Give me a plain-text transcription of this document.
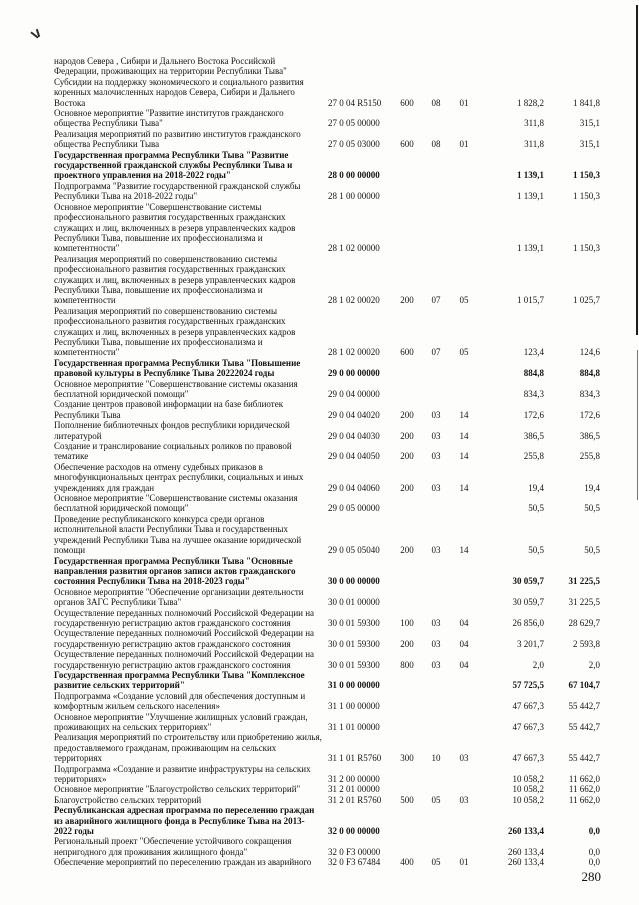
народов Севера , Сибири и Дальнего Востока Российской Федерации, проживающих на территории Республики Тыва"
Субсидии на поддержку экономического и социального развития коренных малочисленных народов Севера, Сибири и Дальнего Востока	27 0 04 R5150	600	08	01	1 828,2	1 841,8
Основное мероприятие "Развитие институтов гражданского общества Республики Тыва"	27 0 05 00000	311,8	315,1
Реализация мероприятий по развитию институтов гражданского общества Республики Тыва	27 0 05 03000	600	08	01	311,8	315,1
Государственная программа Республики Тыва "Развитие государственной гражданской службы Республики Тыва и проектного управления на 2018-2022 годы"	28 0 00 00000	1 139,1	1 150,3
Подпрограмма "Развитие государственной гражданской службы Республики Тыва на 2018-2022 годы"	28 1 00 00000	1 139,1	1 150,3
Основное мероприятие "Совершенствование системы профессионального развития государственных гражданских служащих и лиц, включенных в резерв управленческих кадров Республики Тыва, повышение их профессионализма и компетентности"	28 1 02 00000	1 139,1	1 150,3
Реализация мероприятий по совершенствованию системы профессионального развития государственных гражданских служащих и лиц, включенных в резерв управленческих кадров Республики Тыва, повышение их профессионализма и компетентности	28 1 02 00020	200	07	05	1 015,7	1 025,7
Реализация мероприятий по совершенствованию системы профессионального развития государственных гражданских служащих и лиц, включенных в резерв управленческих кадров Республики Тыва, повышение их профессионализма и компетентности"	28 1 02 00020	600	07	05	123,4	124,6
Государственная программа Республики Тыва "Повышение правовой культуры в Республике Тыва 20222024 годы	29 0 00 00000	884,8	884,8
Основное мероприятие "Совершенствование системы оказания бесплатной юридической помощи"	29 0 04 00000	834,3	834,3
Создание центров правовой информации на базе библиотек Республики Тыва	29 0 04 04020	200	03	14	172,6	172,6
Пополнение библиотечных фондов республики юридической литературой	29 0 04 04030	200	03	14	386,5	386,5
Создание и транслирование социальных роликов по правовой тематике	29 0 04 04050	200	03	14	255,8	255,8
Обеспечение расходов на отмену судебных приказов в многофункциональных центрах республики, социальных и иных учреждениях для граждан	29 0 04 04060	200	03	14	19,4	19,4
Основное мероприятие "Совершенствование системы оказания бесплатной юридической помощи"	29 0 05 00000	50,5	50,5
Проведение республиканского конкурса среди органов исполнительной власти Республики Тыва и государственных учреждений Республики Тыва на лучшее оказание юридической помощи	29 0 05 05040	200	03	14	50,5	50,5
Государственная программа Республики Тыва "Основные направления развития органов записи актов гражданского состояния Республики Тыва на 2018-2023 годы"	30 0 00 00000	30 059,7	31 225,5
Основное мероприятие "Обеспечение организации деятельности органов ЗАГС Республики Тыва"	30 0 01 00000	30 059,7	31 225,5
Осуществление переданных полномочий Российской Федерации на государственную регистрацию актов гражданского состояния	30 0 01 59300	100	03	04	26 856,0	28 629,7
Осуществление переданных полномочий Российской Федерации на государственную регистрацию актов гражданского состояния	30 0 01 59300	200	03	04	3 201,7	2 593,8
Осуществление переданных полномочий Российской Федерации на государственную регистрацию актов гражданского состояния	30 0 01 59300	800	03	04	2,0	2,0
Государственная программа Республики Тыва "Комплексное развитие сельских территорий"	31 0 00 00000	57 725,5	67 104,7
Подпрограмма «Создание условий для обеспечения доступным и комфортным жильем сельского населения»	31 1 00 00000	47 667,3	55 442,7
Основное мероприятие "Улучшение жилищных условий граждан, проживающих на сельских территориях"	31 1 01 00000	47 667,3	55 442,7
Реализация мероприятий по строительству или приобретению жилья, предоставляемого гражданам, проживающим на сельских территориях	31 1 01 R5760	300	10	03	47 667,3	55 442,7
Подпрограмма «Создание и развитие инфраструктуры на сельских территориях»	31 2 00 00000	10 058,2	11 662,0
Основное мероприятие "Благоустройство сельских территорий"	31 2 01 00000	10 058,2	11 662,0
Благоустройство сельских территорий	31 2 01 R5760	500	05	03	10 058,2	11 662,0
Республиканская адресная программа по переселению граждан из аварийного жилищного фонда в Республике Тыва на 2013-2022 годы	32 0 00 00000	260 133,4	0,0
Региональный проект "Обеспечение устойчивого сокращения непригодного для проживания жилищного фонда"	32 0 F3 00000	260 133,4	0,0
Обеспечение мероприятий по переселению граждан из аварийного	32 0 F3 67484	400	05	01	260 133,4	0,0
280
